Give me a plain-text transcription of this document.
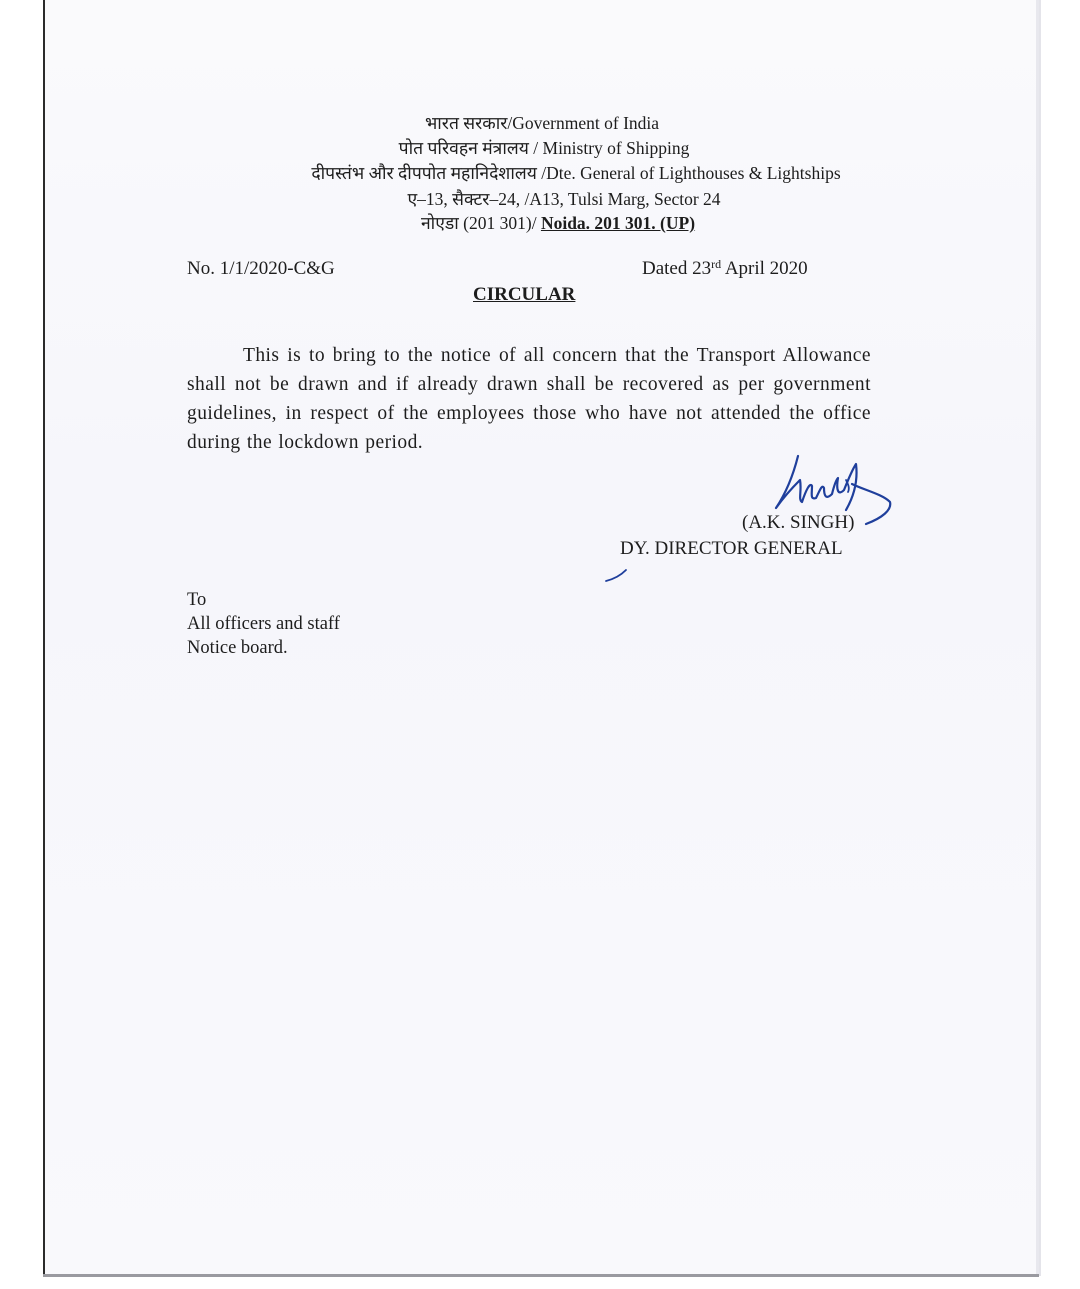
भारत सरकार/Government of India
पोत परिवहन मंत्रालय / Ministry of Shipping
दीपस्तंभ और दीपपोत महानिदेशालय /Dte. General of Lighthouses & Lightships
ए–13, सैक्टर–24, /A13, Tulsi Marg, Sector 24
नोएडा (201 301)/ Noida. 201 301. (UP)
No. 1/1/2020-C&G	Dated 23rd April 2020
CIRCULAR
This is to bring to the notice of all concern that the Transport Allowance shall not be drawn and if already drawn shall be recovered as per government guidelines, in respect of the employees those who have not attended the office during the lockdown period.
(A.K. SINGH)
DY. DIRECTOR GENERAL
To
All officers and staff
Notice board.
